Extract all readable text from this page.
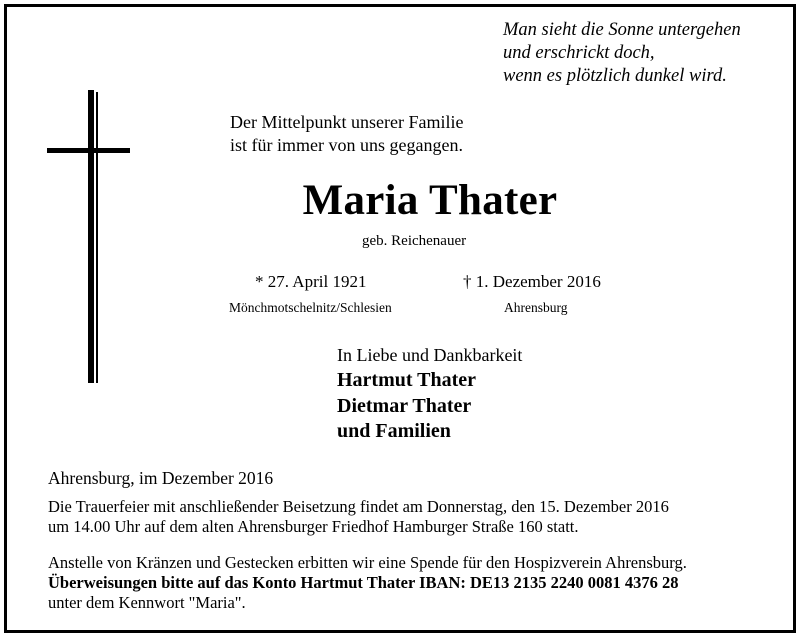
Man sieht die Sonne untergehen
und erschrickt doch,
wenn es plötzlich dunkel wird.
Der Mittelpunkt unserer Familie
ist für immer von uns gegangen.
Maria Thater
geb. Reichenauer
* 27. April 1921
Mönchmotschelnitz/Schlesien
† 1. Dezember 2016
Ahrensburg
In Liebe und Dankbarkeit
Hartmut Thater
Dietmar Thater
und Familien
Ahrensburg, im Dezember 2016
Die Trauerfeier mit anschließender Beisetzung findet am Donnerstag, den 15. Dezember 2016
um 14.00 Uhr auf dem alten Ahrensburger Friedhof Hamburger Straße 160 statt.
Anstelle von Kränzen und Gestecken erbitten wir eine Spende für den Hospizverein Ahrensburg.
Überweisungen bitte auf das Konto Hartmut Thater IBAN: DE13 2135 2240 0081 4376 28
unter dem Kennwort "Maria".
